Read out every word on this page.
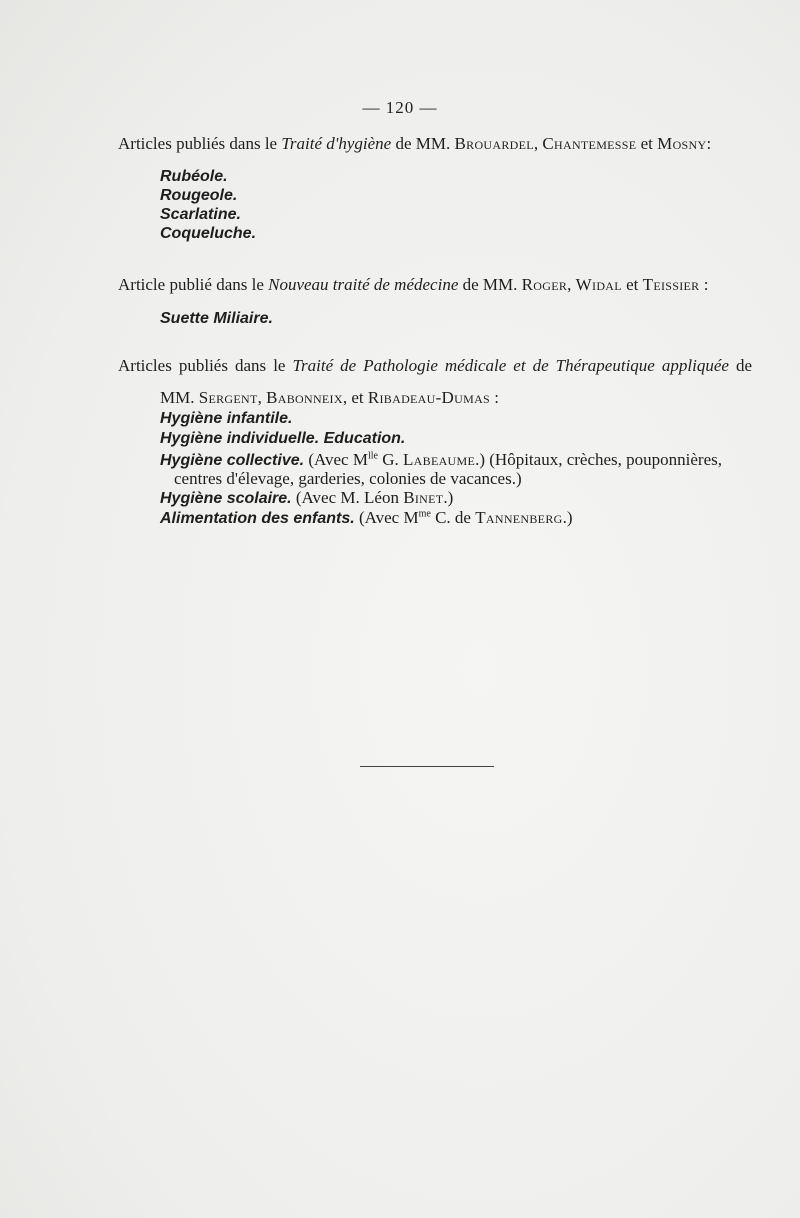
— 120 —
Articles publiés dans le Traité d'hygiène de MM. Brouardel, Chantemesse et Mosny:
Rubéole.
Rougeole.
Scarlatine.
Coqueluche.
Article publié dans le Nouveau traité de médecine de MM. Roger, Widal et Teissier :
Suette Miliaire.
Articles publiés dans le Traité de Pathologie médicale et de Thérapeutique appliquée de
MM. Sergent, Babonneix, et Ribadeau-Dumas :
Hygiène infantile.
Hygiène individuelle. Education.
Hygiène collective. (Avec $M^{lle}$ G. Labeaume.) (Hôpitaux, crèches, pouponnières,
centres d'élevage, garderies, colonies de vacances.)
Hygiène scolaire. (Avec M. Léon Binet.)
Alimentation des enfants. (Avec $M^{me}$ C. de Tannenberg.)
